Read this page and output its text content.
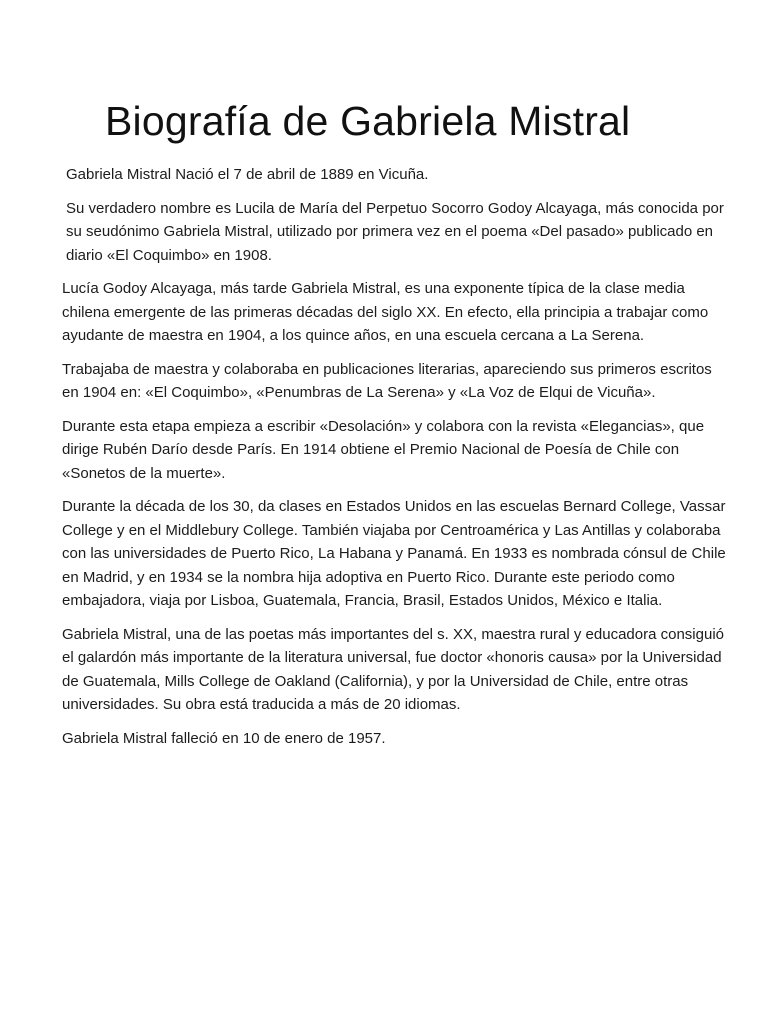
Biografía de Gabriela Mistral

Gabriela Mistral Nació el 7 de abril de 1889 en Vicuña.

Su verdadero nombre es Lucila de María del Perpetuo Socorro Godoy Alcayaga, más conocida por su seudónimo Gabriela Mistral, utilizado por primera vez en el poema «Del pasado» publicado en diario «El Coquimbo» en 1908.

Lucía Godoy Alcayaga, más tarde Gabriela Mistral, es una exponente típica de la clase media chilena emergente de las primeras décadas del siglo XX. En efecto, ella principia a trabajar como ayudante de maestra en 1904, a los quince años, en una escuela cercana a La Serena.

Trabajaba de maestra y colaboraba en publicaciones literarias, apareciendo sus primeros escritos en 1904 en: «El Coquimbo», «Penumbras de La Serena» y «La Voz de Elqui de Vicuña».

Durante esta etapa empieza a escribir «Desolación» y colabora con la revista «Elegancias», que dirige Rubén Darío desde París. En 1914 obtiene el Premio Nacional de Poesía de Chile con «Sonetos de la muerte».

Durante la década de los 30, da clases en Estados Unidos en las escuelas Bernard College, Vassar College y en el Middlebury College. También viajaba por Centroamérica y Las Antillas y colaboraba con las universidades de Puerto Rico, La Habana y Panamá. En 1933 es nombrada cónsul de Chile en Madrid, y en 1934 se la nombra hija adoptiva en Puerto Rico. Durante este periodo como embajadora, viaja por Lisboa, Guatemala, Francia, Brasil, Estados Unidos, México e Italia.

Gabriela Mistral, una de las poetas más importantes del s. XX, maestra rural y educadora consiguió el galardón más importante de la literatura universal, fue doctor «honoris causa» por la Universidad de Guatemala, Mills College de Oakland (California), y por la Universidad de Chile, entre otras universidades. Su obra está traducida a más de 20 idiomas.

Gabriela Mistral falleció en 10 de enero de 1957.
